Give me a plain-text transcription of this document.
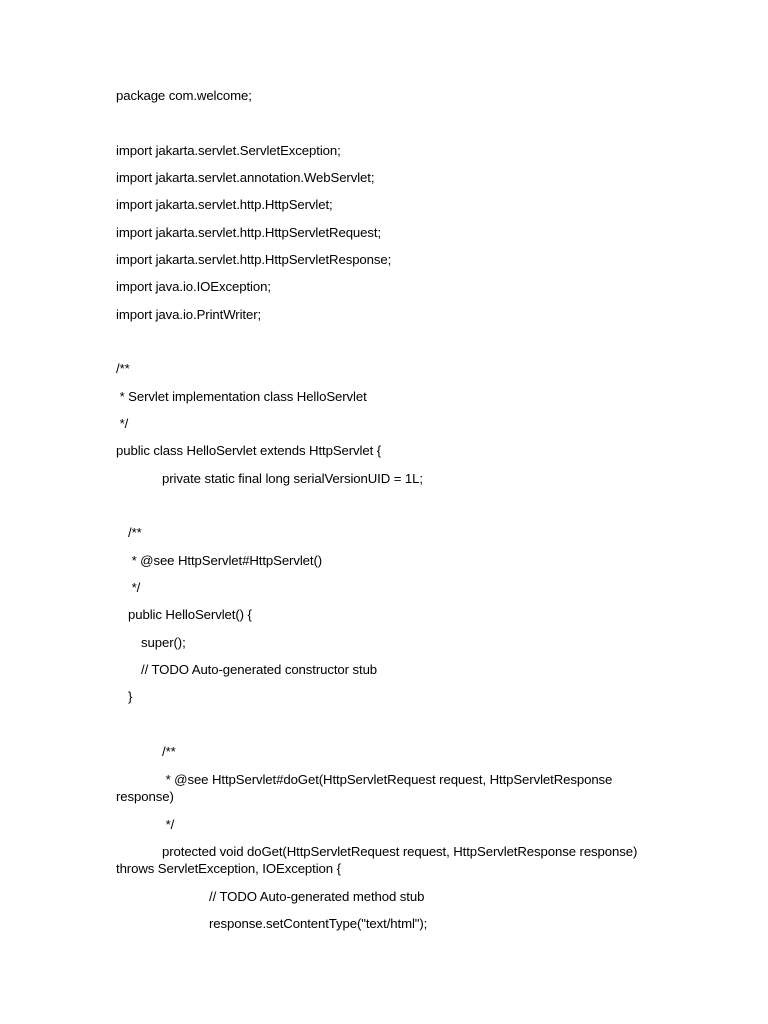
package com.welcome;
import jakarta.servlet.ServletException;
import jakarta.servlet.annotation.WebServlet;
import jakarta.servlet.http.HttpServlet;
import jakarta.servlet.http.HttpServletRequest;
import jakarta.servlet.http.HttpServletResponse;
import java.io.IOException;
import java.io.PrintWriter;
/**
* Servlet implementation class HelloServlet
*/
public class HelloServlet extends HttpServlet {
private static final long serialVersionUID = 1L;
/**
* @see HttpServlet#HttpServlet()
*/
public HelloServlet() {
super();
// TODO Auto-generated constructor stub
}
/**
* @see HttpServlet#doGet(HttpServletRequest request, HttpServletResponse
response)
*/
protected void doGet(HttpServletRequest request, HttpServletResponse response)
throws ServletException, IOException {
// TODO Auto-generated method stub
response.setContentType("text/html");
